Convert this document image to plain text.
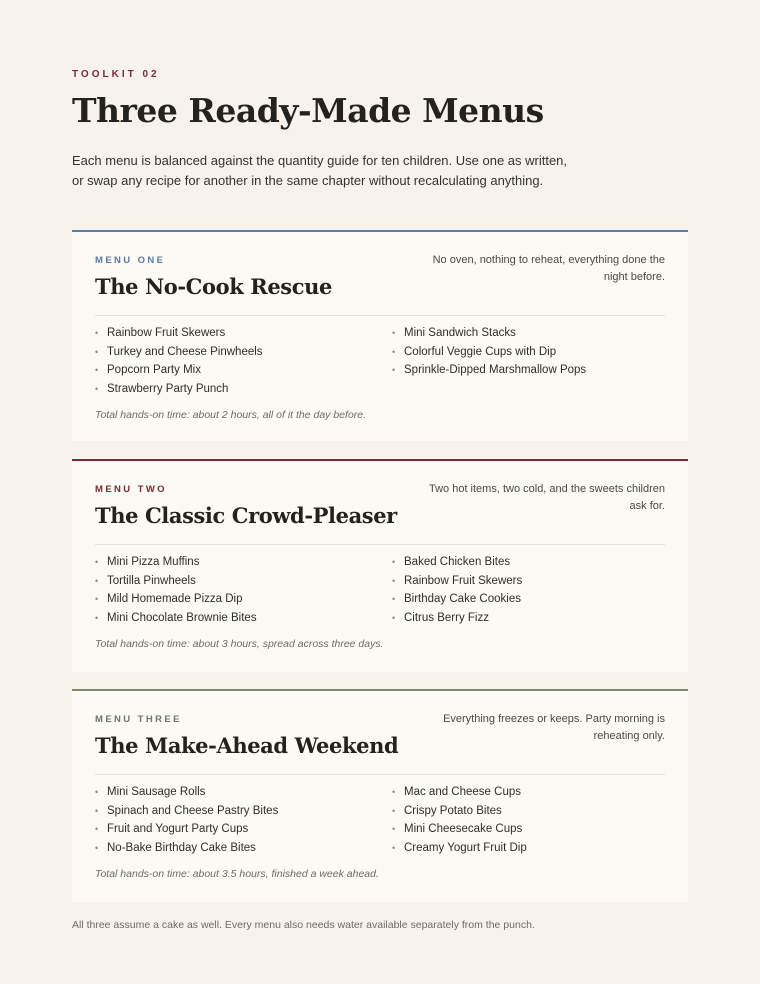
TOOLKIT 02
Three Ready-Made Menus
Each menu is balanced against the quantity guide for ten children. Use one as written, or swap any recipe for another in the same chapter without recalculating anything.
MENU ONE	No oven, nothing to reheat, everything done the night before.
The No-Cook Rescue
• Rainbow Fruit Skewers
• Turkey and Cheese Pinwheels
• Popcorn Party Mix
• Strawberry Party Punch
• Mini Sandwich Stacks
• Colorful Veggie Cups with Dip
• Sprinkle-Dipped Marshmallow Pops
Total hands-on time: about 2 hours, all of it the day before.
MENU TWO	Two hot items, two cold, and the sweets children ask for.
The Classic Crowd-Pleaser
• Mini Pizza Muffins
• Tortilla Pinwheels
• Mild Homemade Pizza Dip
• Mini Chocolate Brownie Bites
• Baked Chicken Bites
• Rainbow Fruit Skewers
• Birthday Cake Cookies
• Citrus Berry Fizz
Total hands-on time: about 3 hours, spread across three days.
MENU THREE	Everything freezes or keeps. Party morning is reheating only.
The Make-Ahead Weekend
• Mini Sausage Rolls
• Spinach and Cheese Pastry Bites
• Fruit and Yogurt Party Cups
• No-Bake Birthday Cake Bites
• Mac and Cheese Cups
• Crispy Potato Bites
• Mini Cheesecake Cups
• Creamy Yogurt Fruit Dip
Total hands-on time: about 3.5 hours, finished a week ahead.
All three assume a cake as well. Every menu also needs water available separately from the punch.
